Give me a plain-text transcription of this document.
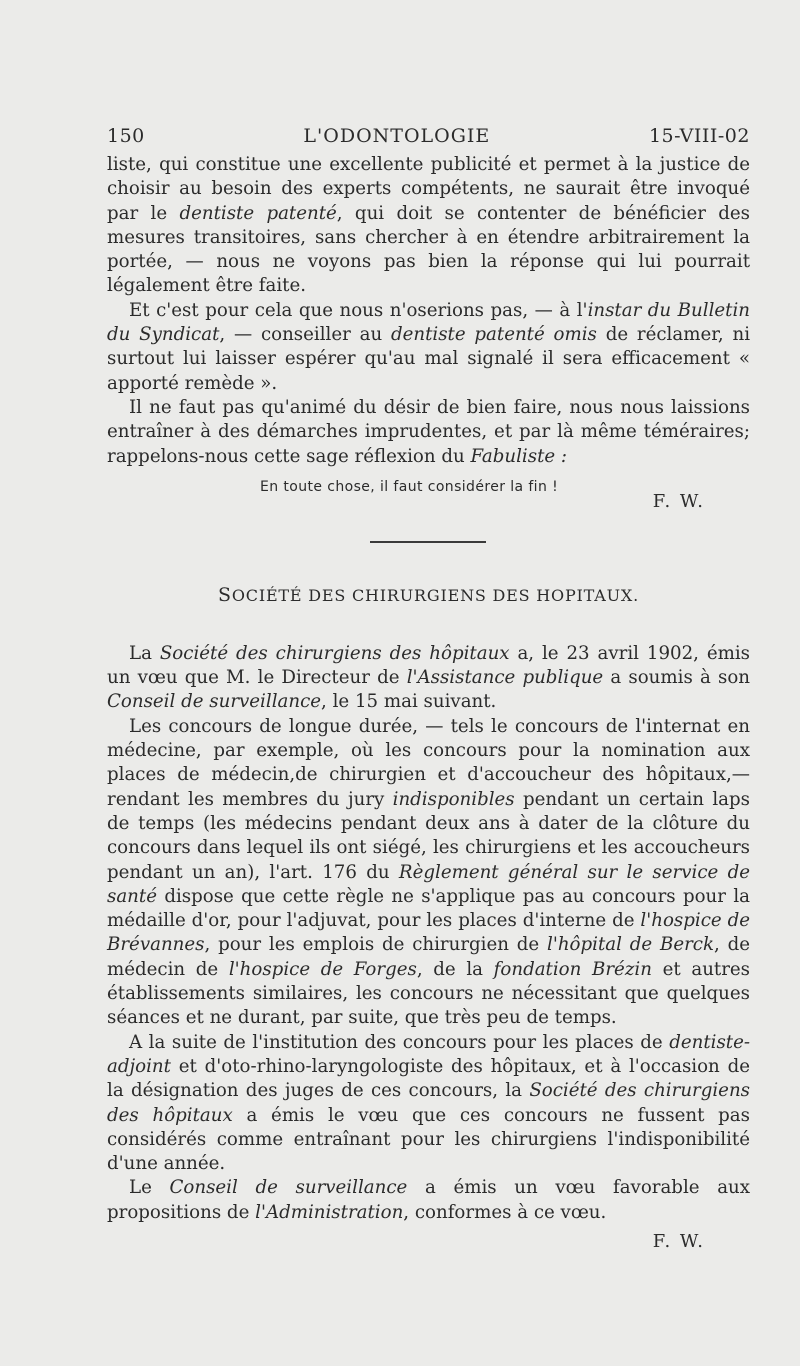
150	L'ODONTOLOGIE	15-VIII-02

liste, qui constitue une excellente publicité et permet à la justice de choisir au besoin des experts compétents, ne saurait être invoqué par le dentiste patenté, qui doit se contenter de bénéficier des mesures transitoires, sans chercher à en étendre arbitrairement la portée, — nous ne voyons pas bien la réponse qui lui pourrait légalement être faite.

Et c'est pour cela que nous n'oserions pas, — à l'instar du Bulletin du Syndicat, — conseiller au dentiste patenté omis de réclamer, ni surtout lui laisser espérer qu'au mal signalé il sera efficacement « apporté remède ».

Il ne faut pas qu'animé du désir de bien faire, nous nous laissions entraîner à des démarches imprudentes, et par là même téméraires; rappelons-nous cette sage réflexion du Fabuliste :

En toute chose, il faut considérer la fin !
F. W.
SOCIÉTÉ DES CHIRURGIENS DES HOPITAUX.

La Société des chirurgiens des hôpitaux a, le 23 avril 1902, émis un vœu que M. le Directeur de l'Assistance publique a soumis à son Conseil de surveillance, le 15 mai suivant.

Les concours de longue durée, — tels le concours de l'internat en médecine, par exemple, où les concours pour la nomination aux places de médecin,de chirurgien et d'accoucheur des hôpitaux,— rendant les membres du jury indisponibles pendant un certain laps de temps (les médecins pendant deux ans à dater de la clôture du concours dans lequel ils ont siégé, les chirurgiens et les accoucheurs pendant un an), l'art. 176 du Règlement général sur le service de santé dispose que cette règle ne s'applique pas au concours pour la médaille d'or, pour l'adjuvat, pour les places d'interne de l'hospice de Brévannes, pour les emplois de chirurgien de l'hôpital de Berck, de médecin de l'hospice de Forges, de la fondation Brézin et autres établissements similaires, les concours ne nécessitant que quelques séances et ne durant, par suite, que très peu de temps.

A la suite de l'institution des concours pour les places de dentiste-adjoint et d'oto-rhino-laryngologiste des hôpitaux, et à l'occasion de la désignation des juges de ces concours, la Société des chirurgiens des hôpitaux a émis le vœu que ces concours ne fussent pas considérés comme entraînant pour les chirurgiens l'indisponibilité d'une année.

Le Conseil de surveillance a émis un vœu favorable aux propositions de l'Administration, conformes à ce vœu.

F. W.
